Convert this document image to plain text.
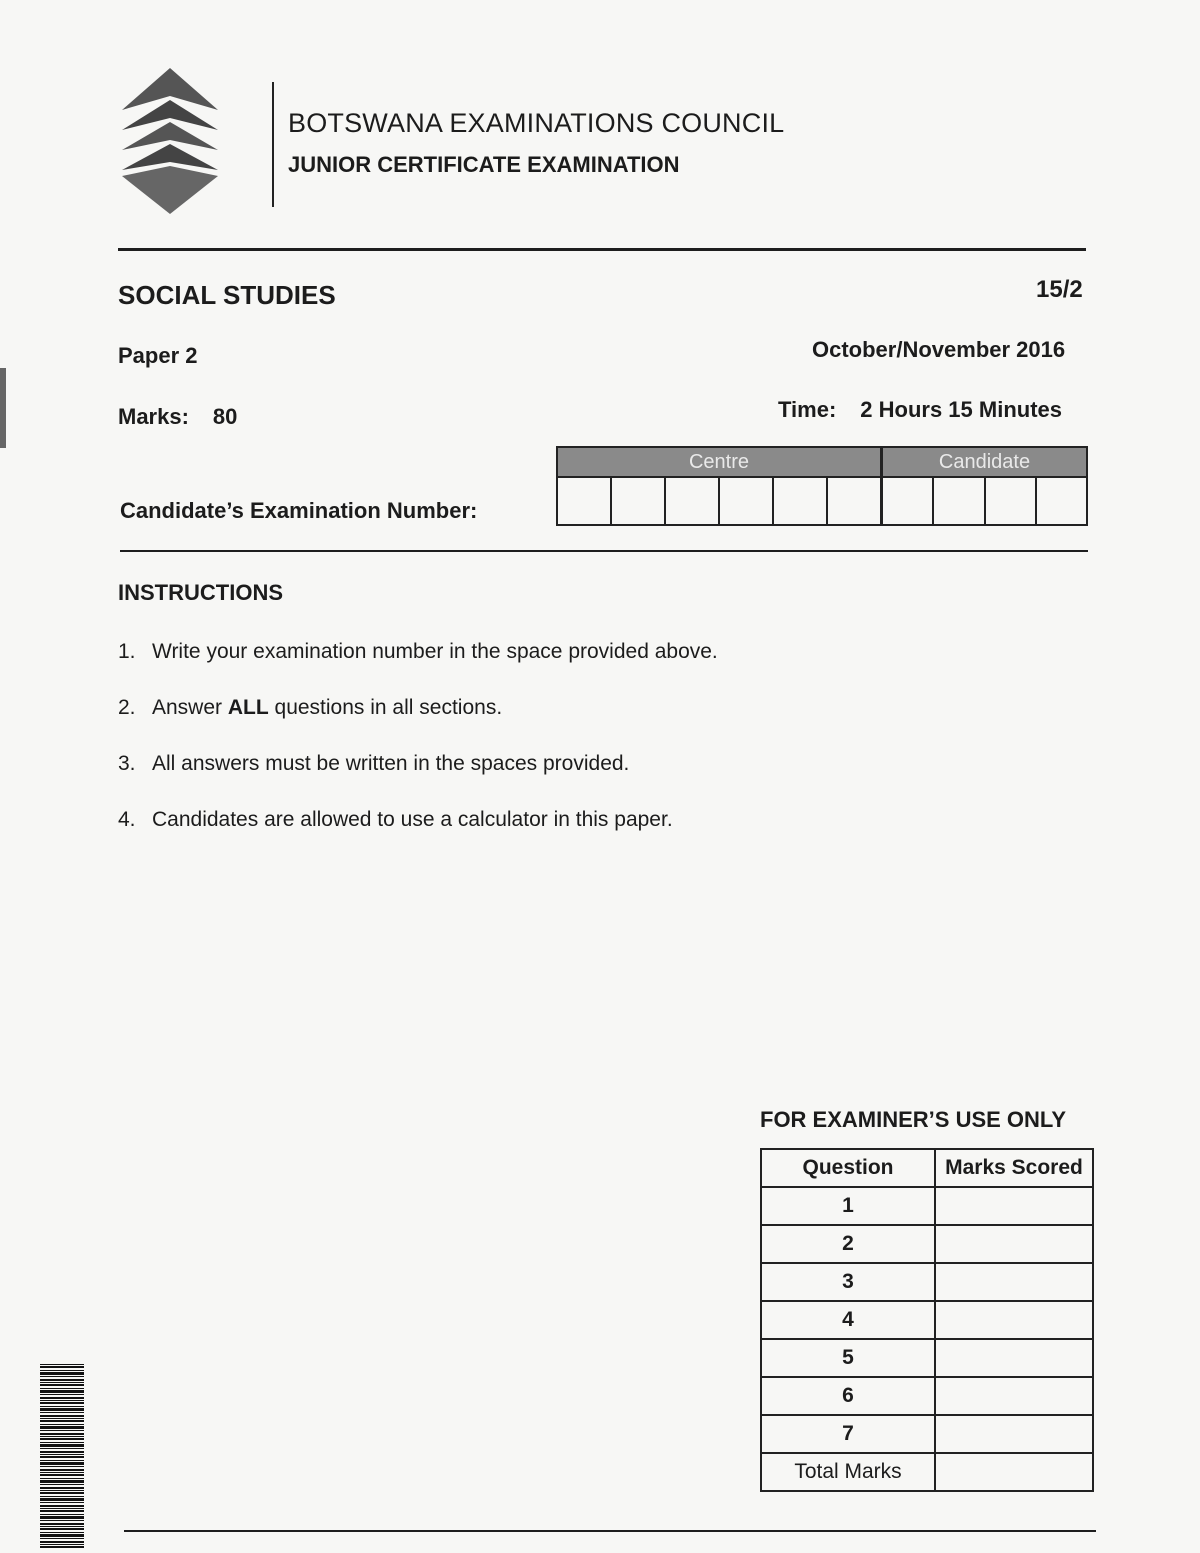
BOTSWANA EXAMINATIONS COUNCIL
JUNIOR CERTIFICATE EXAMINATION
SOCIAL STUDIES	15/2
Paper 2	October/November 2016
Marks: 80	Time: 2 Hours 15 Minutes
Candidate’s Examination Number:
Centre	Candidate
INSTRUCTIONS
1. Write your examination number in the space provided above.
2. Answer ALL questions in all sections.
3. All answers must be written in the spaces provided.
4. Candidates are allowed to use a calculator in this paper.
FOR EXAMINER’S USE ONLY
Question	Marks Scored
1	
2	
3	
4	
5	
6	
7	
Total Marks	
